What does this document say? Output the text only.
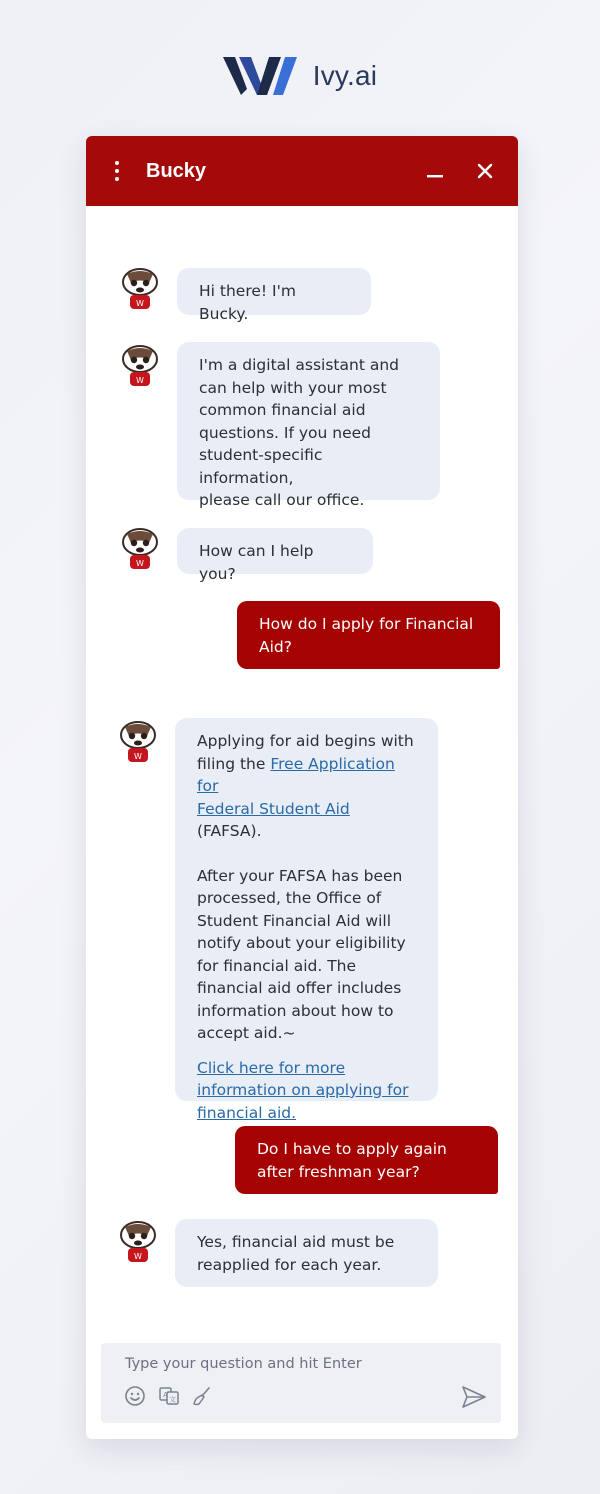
Ivy.ai
Bucky
W
Hi there! I'm Bucky.
W
I'm a digital assistant and
can help with your most
common financial aid
questions. If you need
student-specific information,
please call our office.
W
How can I help you?
How do I apply for Financial
Aid?
W
Applying for aid begins with
filing the Free Application for
Federal Student Aid (FAFSA).
After your FAFSA has been
processed, the Office of
Student Financial Aid will
notify about your eligibility
for financial aid. The
financial aid offer includes
information about how to
accept aid.~
Click here for more
information on applying for
financial aid.
Do I have to apply again
after freshman year?
W
Yes, financial aid must be
reapplied for each year.
Type your question and hit Enter
A
文
